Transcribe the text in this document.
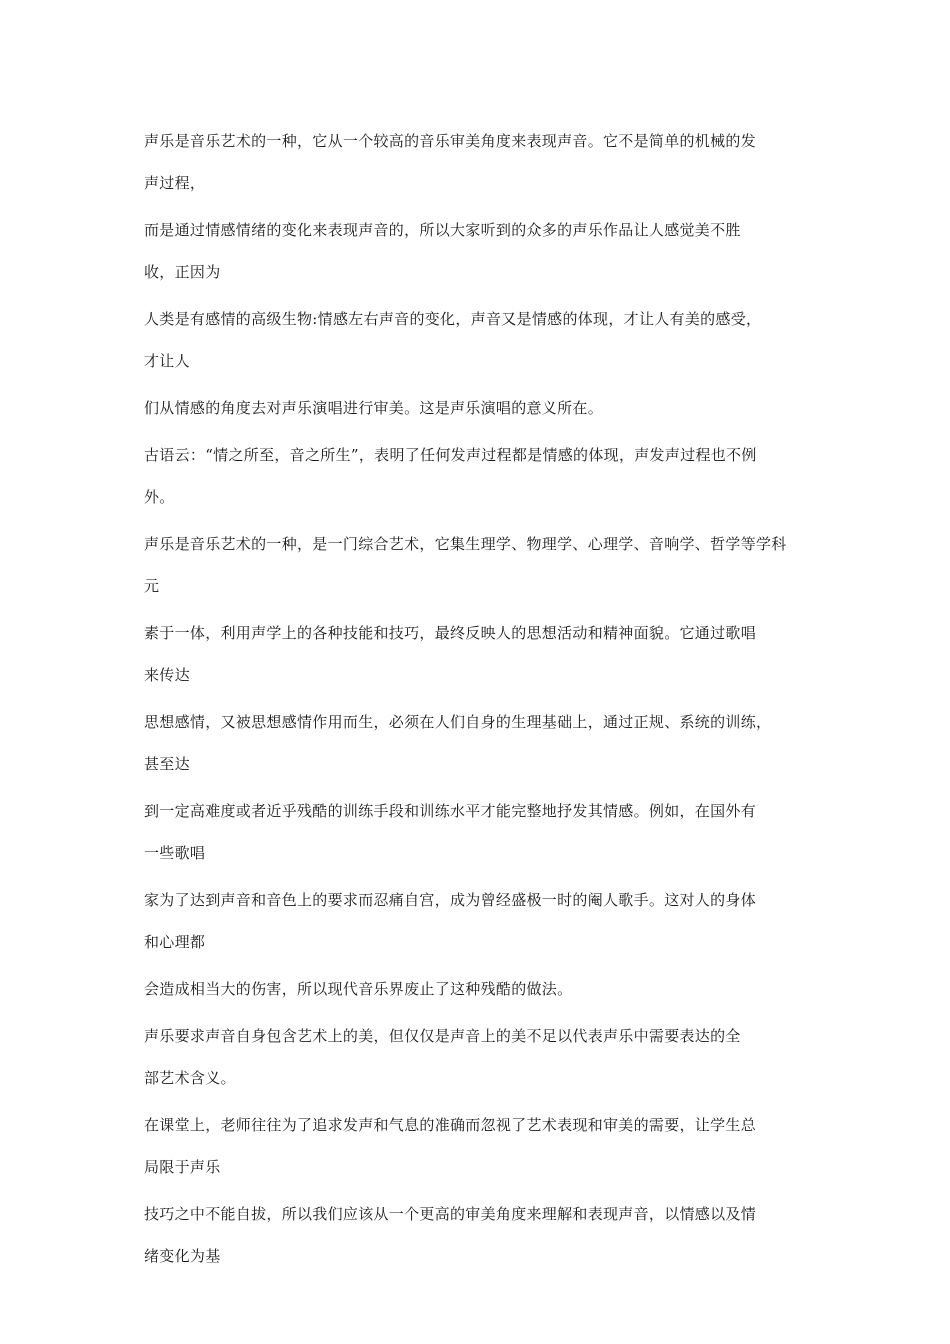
声乐是音乐艺术的一种，它从一个较高的音乐审美角度来表现声音。它不是简单的机械的发
声过程，

而是通过情感情绪的变化来表现声音的，所以大家听到的众多的声乐作品让人感觉美不胜
收，正因为

人类是有感情的高级生物:情感左右声音的变化，声音又是情感的体现，才让人有美的感受，
才让人

们从情感的角度去对声乐演唱进行审美。这是声乐演唱的意义所在。

古语云：“情之所至，音之所生”，表明了任何发声过程都是情感的体现，声发声过程也不例
外。

声乐是音乐艺术的一种，是一门综合艺术，它集生理学、物理学、心理学、音响学、哲学等学科
元

素于一体，利用声学上的各种技能和技巧，最终反映人的思想活动和精神面貌。它通过歌唱
来传达

思想感情，又被思想感情作用而生，必须在人们自身的生理基础上，通过正规、系统的训练，
甚至达

到一定高难度或者近乎残酷的训练手段和训练水平才能完整地抒发其情感。例如，在国外有
一些歌唱

家为了达到声音和音色上的要求而忍痛自宫，成为曾经盛极一时的阉人歌手。这对人的身体
和心理都

会造成相当大的伤害，所以现代音乐界废止了这种残酷的做法。

声乐要求声音自身包含艺术上的美，但仅仅是声音上的美不足以代表声乐中需要表达的全
部艺术含义。

在课堂上，老师往往为了追求发声和气息的准确而忽视了艺术表现和审美的需要，让学生总
局限于声乐

技巧之中不能自拔，所以我们应该从一个更高的审美角度来理解和表现声音，以情感以及情
绪变化为基
